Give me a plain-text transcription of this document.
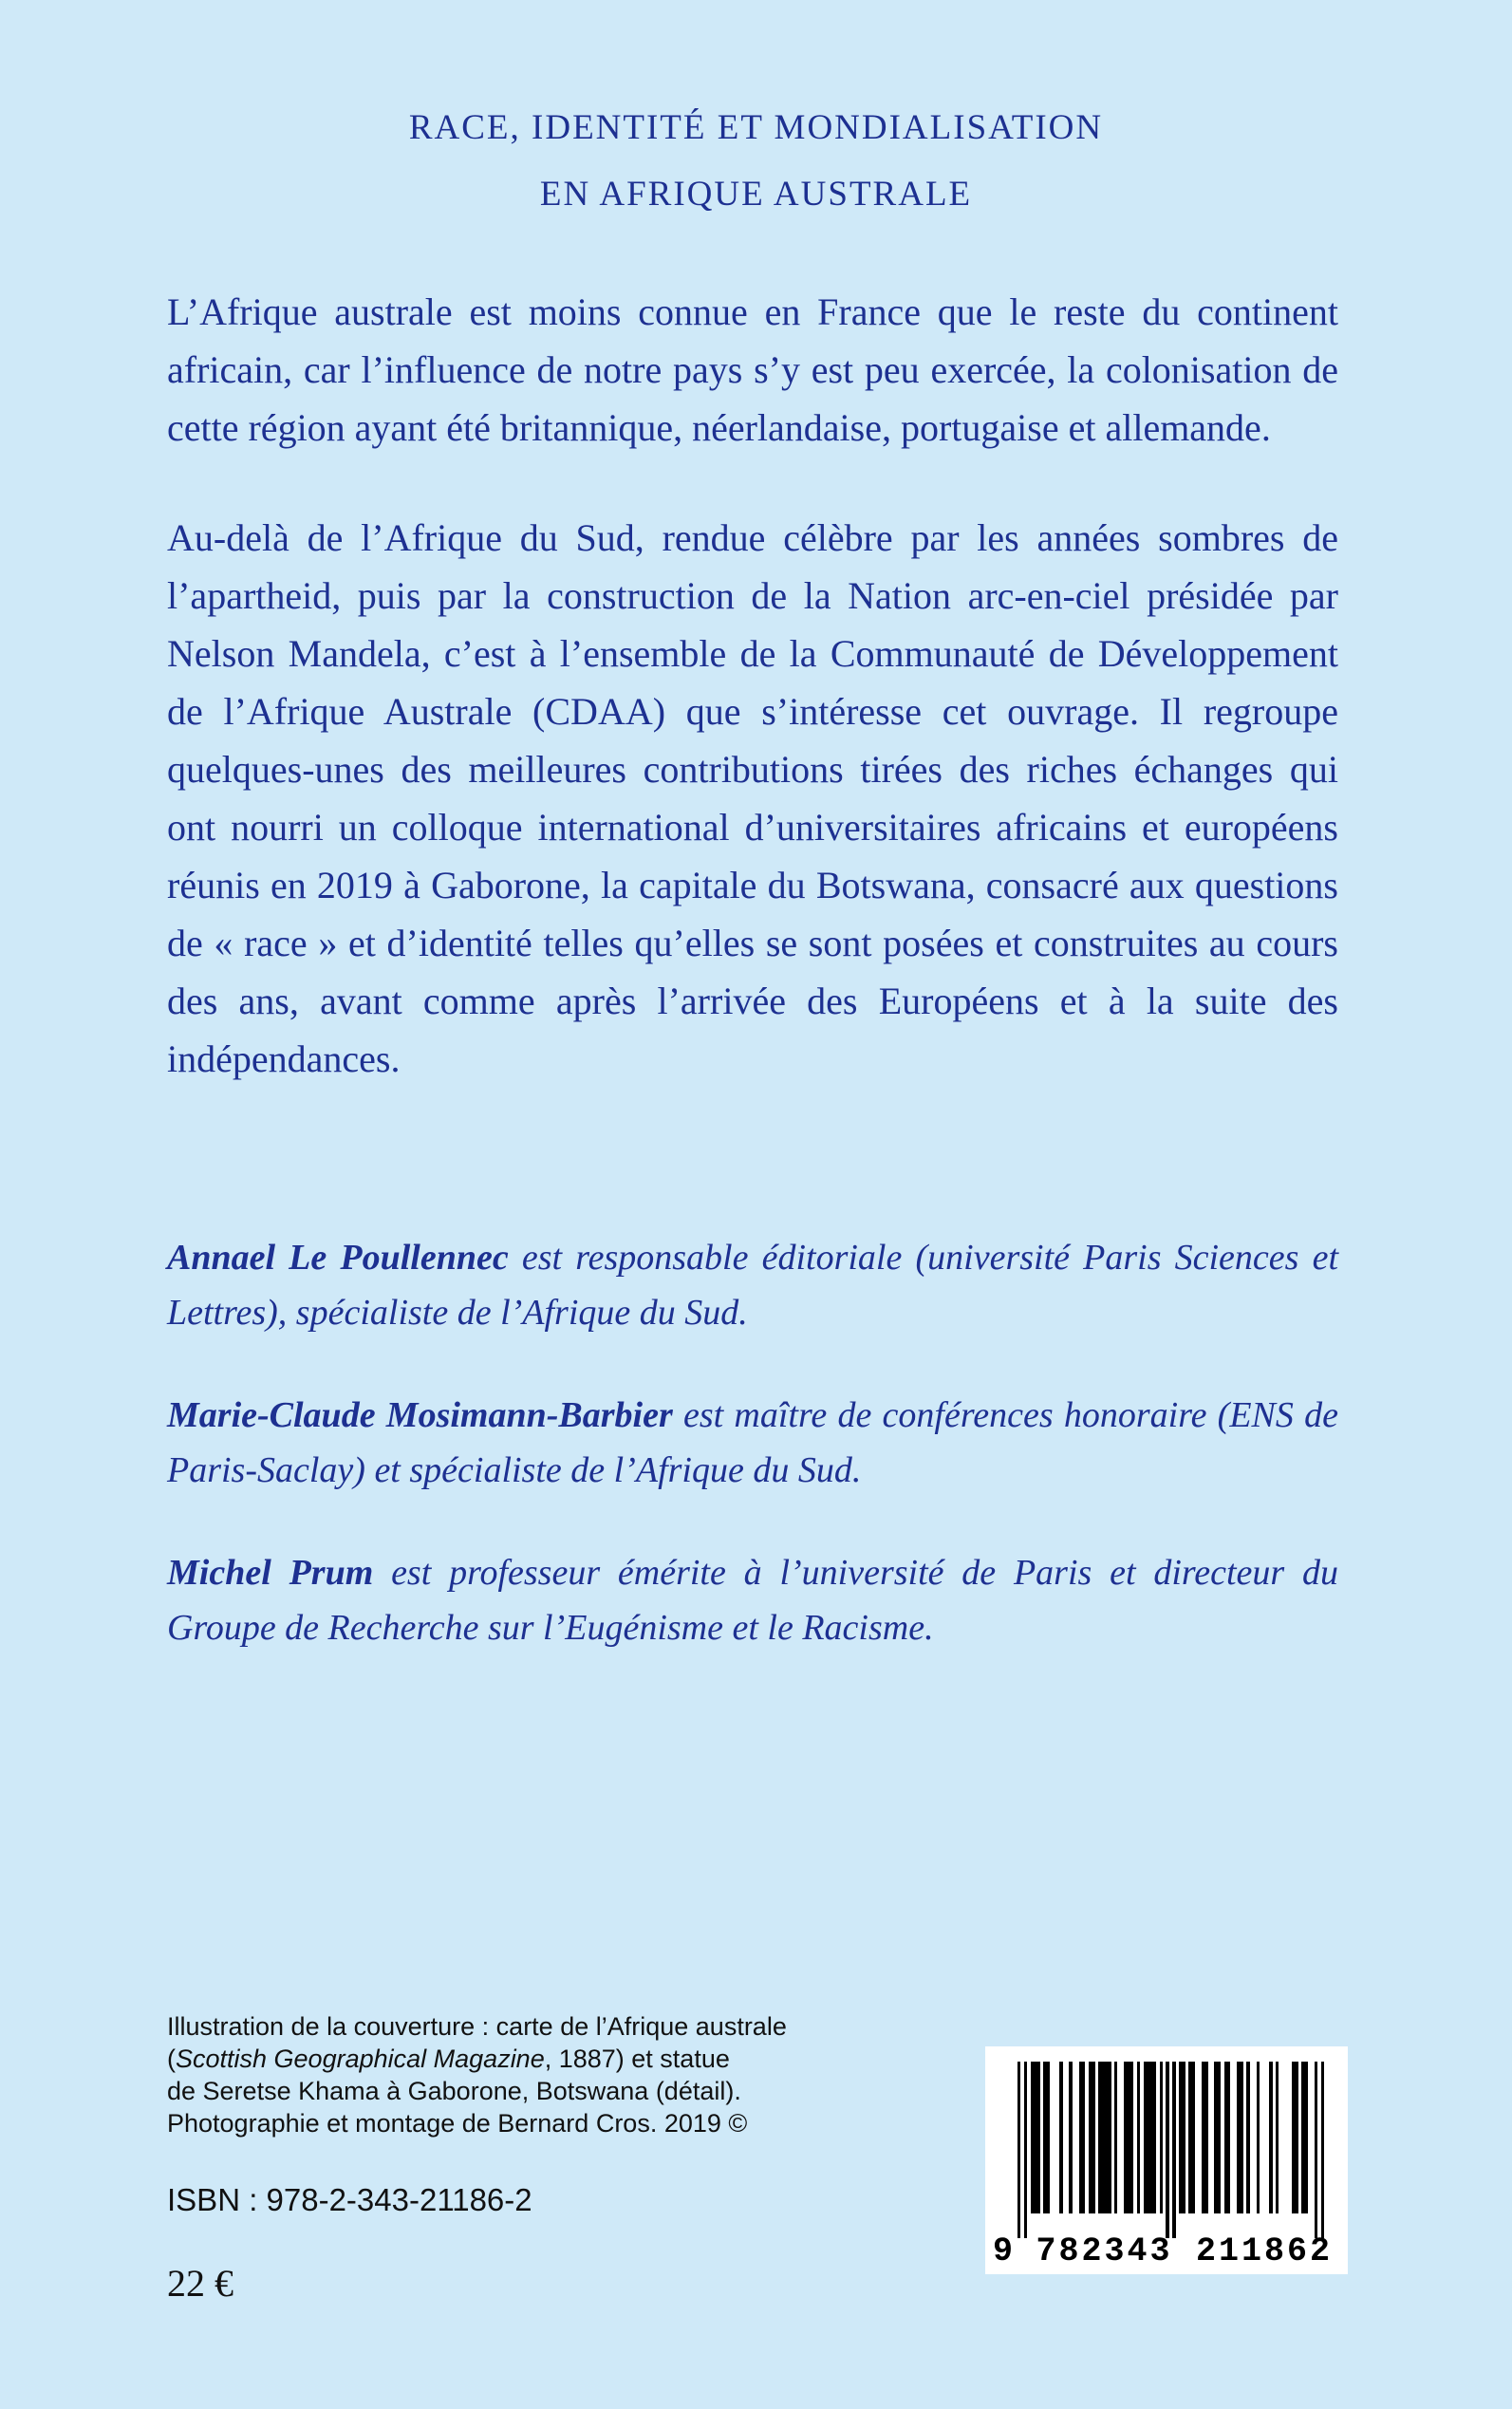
RACE, IDENTITÉ ET MONDIALISATION
EN AFRIQUE AUSTRALE

L’Afrique australe est moins connue en France que le reste du continent africain, car l’influence de notre pays s’y est peu exercée, la colonisation de cette région ayant été britannique, néerlandaise, portugaise et allemande.

Au-delà de l’Afrique du Sud, rendue célèbre par les années sombres de l’apartheid, puis par la construction de la Nation arc-en-ciel présidée par Nelson Mandela, c’est à l’ensemble de la Communauté de Développement de l’Afrique Australe (CDAA) que s’intéresse cet ouvrage. Il regroupe quelques-unes des meilleures contributions tirées des riches échanges qui ont nourri un colloque international d’universitaires africains et européens réunis en 2019 à Gaborone, la capitale du Botswana, consacré aux questions de « race » et d’identité telles qu’elles se sont posées et construites au cours des ans, avant comme après l’arrivée des Européens et à la suite des indépendances.

Annael Le Poullennec est responsable éditoriale (université Paris Sciences et Lettres), spécialiste de l’Afrique du Sud.

Marie-Claude Mosimann-Barbier est maître de conférences honoraire (ENS de Paris-Saclay) et spécialiste de l’Afrique du Sud.

Michel Prum est professeur émérite à l’université de Paris et directeur du Groupe de Recherche sur l’Eugénisme et le Racisme.

Illustration de la couverture : carte de l’Afrique australe
(Scottish Geographical Magazine, 1887) et statue
de Seretse Khama à Gaborone, Botswana (détail).
Photographie et montage de Bernard Cros. 2019 ©
ISBN : 978-2-343-21186-2
22 €
9 782343 211862
